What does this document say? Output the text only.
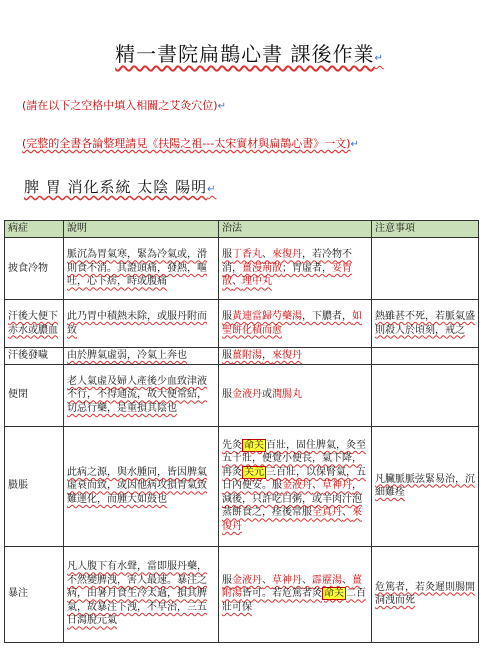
精一書院扁鵲心書 課後作業↵
(請在以下之空格中填入相關之艾灸穴位)↵
(完整的全書各論整理請見《扶陽之祖---太宋實材與扁鵲心書》一文)↵
脾 胃 消化系統 太陰 陽明↵
病症	說明	治法	注意事項
披食冷物	脈沉為胃氣寒，緊為冷氣或，滑則食不消。其證頭痛，發熱，嘔吐，心下痞，時或腹痛	服丁香丸、來復丹，若冷物不消，薑漫荊散；胃虛者，妥胃散、理中丸	
汗後大便下赤水或膿血	此乃胃中積熱未除，或服丹附而致	服黃連當歸芍藥湯，下膿者，如聖餅化積而愈	熱雖甚不死，若脈氣盛則殺人於頃刻，戒之
汗後發噦	由於脾氣虛弱，冷氣上奔也	服薑附湯，來復丹	
便閉	老人氣虛及婦人產後少血致津液不行，不得通流，故大便常結，切忌行藥，是重損其陰也	服金液丹或潤腸丸	
臌脹	此病之源，與水腫同，皆因脾氣虛衰而致，或因他病攻損胃氣致難運化，而腫大如鼓也	先灸 命关 百壯，固住脾氣，灸至五十壯，便覺小便長，氣下降，再灸 关元 三百壯，以保腎氣，五日內便安。服金液丹、草神丹，減後，只許吃白粥，或羊肉汁泡蒸餅食之，痊後常服全真丹、來復丹	凡臟脈脈弦緊易治，沉細難痊
暴注	凡人腹下有水聲，當即服丹藥，不然變脾洩，害人最速。暴注之病，由暑月食生冷太過，損其脾氣，故暴注下洩，不早治，三五日瀉脫元氣	服金液丹、草神丹、霹靂湯、薑附湯皆可。若危篤者灸 命关 二百壯可保	危篤者，若灸遲則腸開洞洩而死
